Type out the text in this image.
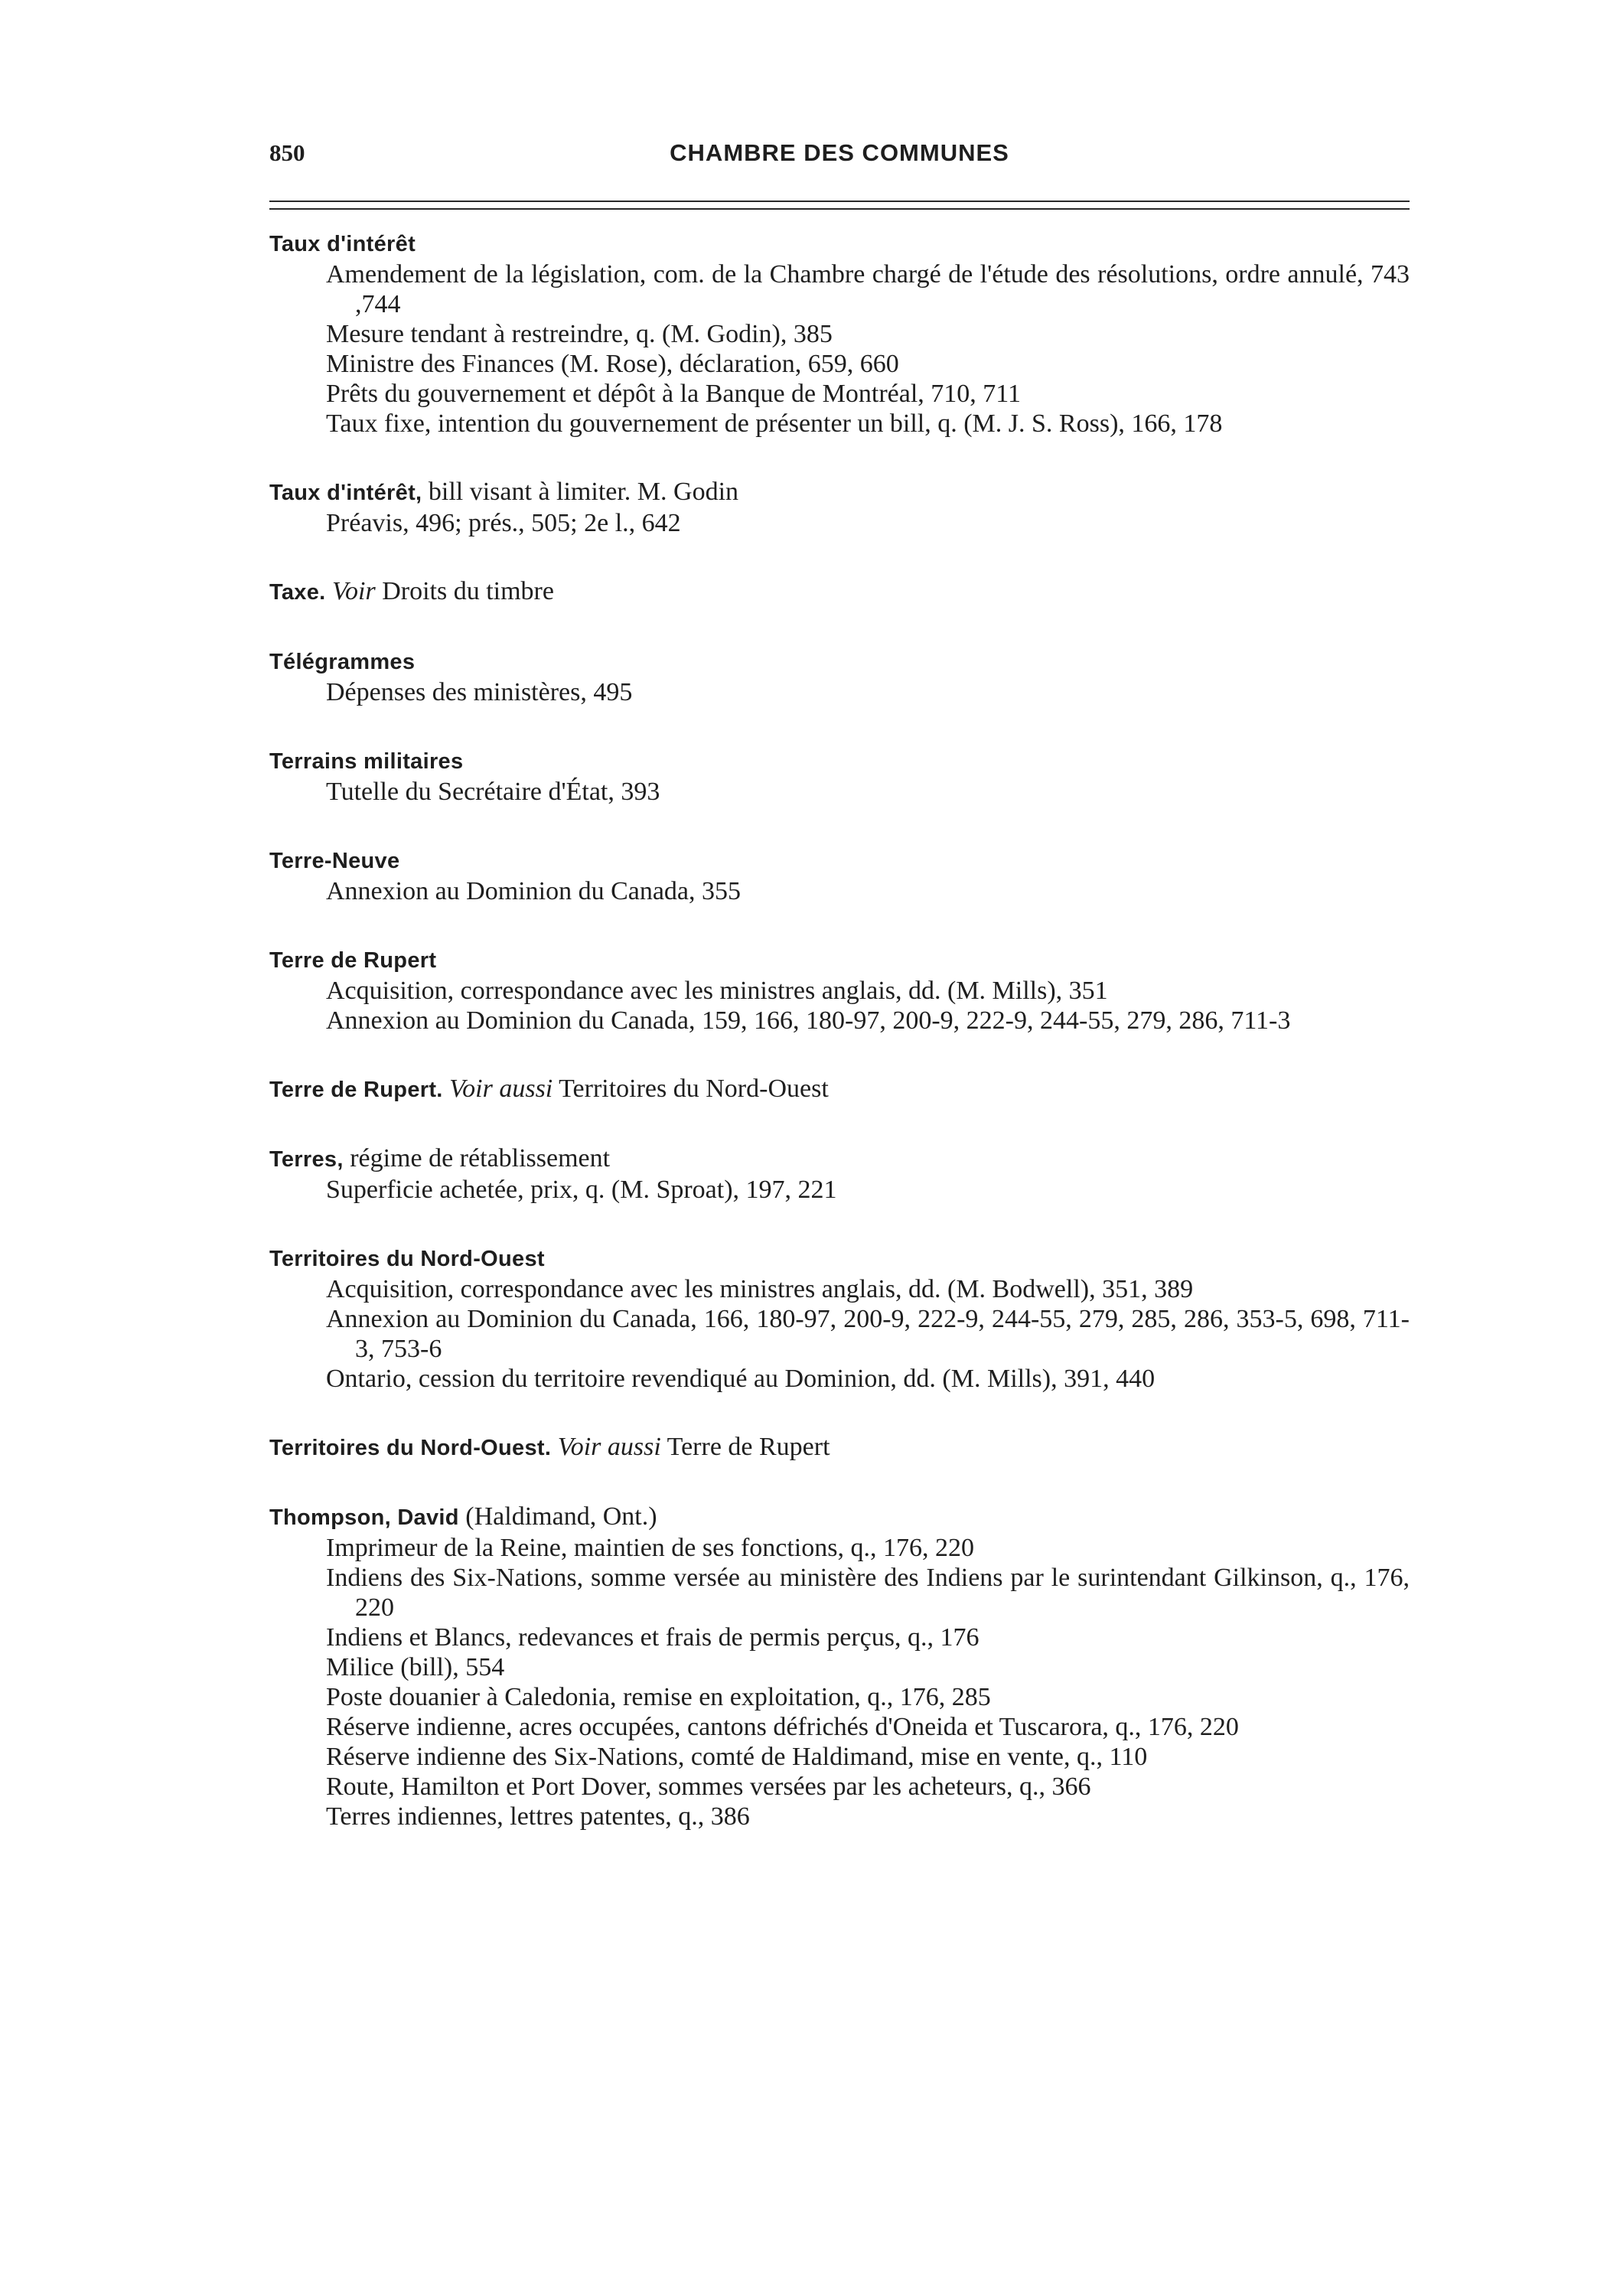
850	CHAMBRE DES COMMUNES
Taux d'intérêt

Amendement de la législation, com. de la Chambre chargé de l'étude des résolutions, ordre annulé, 743 ,744

Mesure tendant à restreindre, q. (M. Godin), 385

Ministre des Finances (M. Rose), déclaration, 659, 660

Prêts du gouvernement et dépôt à la Banque de Montréal, 710, 711

Taux fixe, intention du gouvernement de présenter un bill, q. (M. J. S. Ross), 166, 178

Taux d'intérêt, bill visant à limiter. M. Godin

Préavis, 496; prés., 505; 2e l., 642

Taxe. Voir Droits du timbre
Télégrammes

Dépenses des ministères, 495

Terrains militaires

Tutelle du Secrétaire d'État, 393

Terre-Neuve

Annexion au Dominion du Canada, 355

Terre de Rupert

Acquisition, correspondance avec les ministres anglais, dd. (M. Mills), 351

Annexion au Dominion du Canada, 159, 166, 180-97, 200-9, 222-9, 244-55, 279, 286, 711-3

Terre de Rupert. Voir aussi Territoires du Nord-Ouest
Terres, régime de rétablissement

Superficie achetée, prix, q. (M. Sproat), 197, 221

Territoires du Nord-Ouest

Acquisition, correspondance avec les ministres anglais, dd. (M. Bodwell), 351, 389

Annexion au Dominion du Canada, 166, 180-97, 200-9, 222-9, 244-55, 279, 285, 286, 353-5, 698, 711-3, 753-6

Ontario, cession du territoire revendiqué au Dominion, dd. (M. Mills), 391, 440

Territoires du Nord-Ouest. Voir aussi Terre de Rupert
Thompson, David (Haldimand, Ont.)

Imprimeur de la Reine, maintien de ses fonctions, q., 176, 220

Indiens des Six-Nations, somme versée au ministère des Indiens par le surintendant Gilkinson, q., 176, 220

Indiens et Blancs, redevances et frais de permis perçus, q., 176

Milice (bill), 554

Poste douanier à Caledonia, remise en exploitation, q., 176, 285

Réserve indienne, acres occupées, cantons défrichés d'Oneida et Tuscarora, q., 176, 220

Réserve indienne des Six-Nations, comté de Haldimand, mise en vente, q., 110

Route, Hamilton et Port Dover, sommes versées par les acheteurs, q., 366

Terres indiennes, lettres patentes, q., 386
